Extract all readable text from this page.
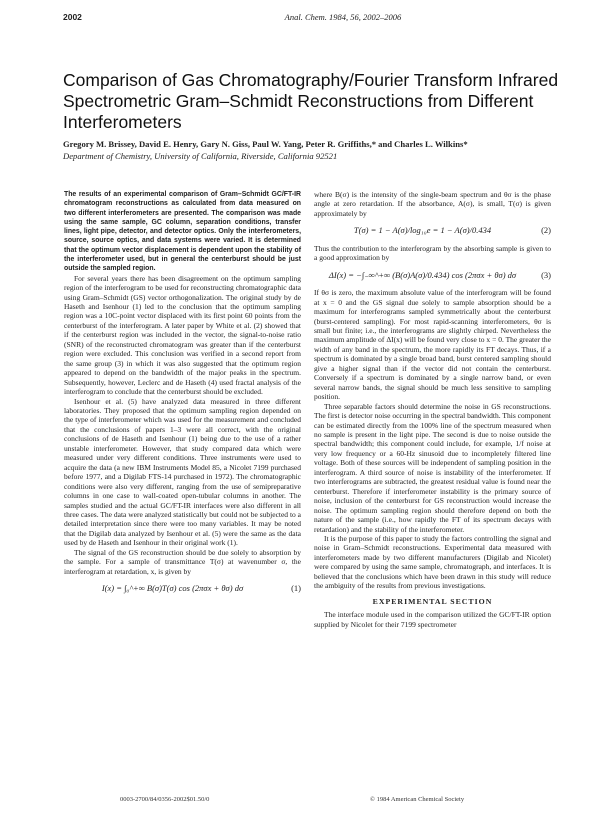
2002	Anal. Chem. 1984, 56, 2002–2006
Comparison of Gas Chromatography/Fourier Transform Infrared Spectrometric Gram–Schmidt Reconstructions from Different Interferometers

Gregory M. Brissey, David E. Henry, Gary N. Giss, Paul W. Yang, Peter R. Griffiths,* and Charles L. Wilkins*

Department of Chemistry, University of California, Riverside, California 92521

The results of an experimental comparison of Gram–Schmidt GC/FT-IR chromatogram reconstructions as calculated from data measured on two different interferometers are presented. The comparison was made using the same sample, GC column, separation conditions, transfer lines, light pipe, detector, and detector optics. Only the interferometers, source, source optics, and data systems were varied. It is determined that the optimum vector displacement is dependent upon the stability of the interferometer used, but in general the centerburst should be just outside the sampled region.

For several years there has been disagreement on the optimum sampling region of the interferogram to be used for reconstructing chromatographic data using Gram–Schmidt (GS) vector orthogonalization. The original study by de Haseth and Isenhour (1) led to the conclusion that the optimum sampling region was a 10C-point vector displaced with its first point 60 points from the centerburst of the interferogram. A later paper by White et al. (2) showed that if the centerburst region was included in the vector, the signal-to-noise ratio (SNR) of the reconstructed chromatogram was greater than if the centerburst region were excluded. This conclusion was verified in a second report from the same group (3) in which it was also suggested that the optimum region appeared to depend on the bandwidth of the major peaks in the spectrum. Subsequently, however, Leclerc and de Haseth (4) used fractal analysis of the interferogram to conclude that the centerburst should be excluded.

Isenhour et al. (5) have analyzed data measured in three different laboratories. They proposed that the optimum sampling region depended on the type of interferometer which was used for the measurement and concluded that the conclusions of papers 1–3 were all correct, with the original conclusions of de Haseth and Isenhour (1) being due to the use of a rather unstable interferometer. However, that study compared data which were measured under very different conditions. Three instruments were used to acquire the data (a new IBM Instruments Model 85, a Nicolet 7199 purchased before 1977, and a Digilab FTS-14 purchased in 1972). The chromatographic conditions were also very different, ranging from the use of semipreparative columns in one case to wall-coated open-tubular columns in another. The samples studied and the actual GC/FT-IR interfaces were also different in all three cases. The data were analyzed statistically but could not be subjected to a detailed interpretation since there were too many variables. It may be noted that the Digilab data analyzed by Isenhour et al. (5) were the same as the data used by de Haseth and Isenhour in their original work (1).

The signal of the GS reconstruction should be due solely to absorption by the sample. For a sample of transmittance T(σ) at wavenumber σ, the interferogram at retardation, x, is given by

I(x) = ∫₀^+∞ B(σ)T(σ) cos (2πσx + θσ) dσ	(1)

where B(σ) is the intensity of the single-beam spectrum and θσ is the phase angle at zero retardation. If the absorbance, A(σ), is small, T(σ) is given approximately by

T(σ) = 1 − A(σ)/log₁₀e = 1 − A(σ)/0.434	(2)

Thus the contribution to the interferogram by the absorbing sample is given to a good approximation by

ΔI(x) = −∫₋∞^+∞ (B(σ)A(σ)/0.434) cos (2πσx + θσ) dσ	(3)

If θσ is zero, the maximum absolute value of the interferogram will be found at x = 0 and the GS signal due solely to sample absorption should be a maximum for interferograms sampled symmetrically about the centerburst (burst-centered sampling). For most rapid-scanning interferometers, θσ is small but finite; i.e., the interferograms are slightly chirped. Nevertheless the maximum amplitude of ΔI(x) will be found very close to x = 0. The greater the width of any band in the spectrum, the more rapidly its FT decays. Thus, if a spectrum is dominated by a single broad band, burst centered sampling should give a higher signal than if the vector did not contain the centerburst. Conversely if a spectrum is dominated by a single narrow band, or even several narrow bands, the signal should be much less sensitive to sampling position.

Three separable factors should determine the noise in GS reconstructions. The first is detector noise occurring in the spectral bandwidth. This component can be estimated directly from the 100% line of the spectrum measured when no sample is present in the light pipe. The second is due to noise outside the spectral bandwidth; this component could include, for example, 1/f noise at very low frequency or a 60-Hz sinusoid due to incompletely filtered line voltage. Both of these sources will be independent of sampling position in the interferogram. A third source of noise is instability of the interferometer. If two interferograms are subtracted, the greatest residual value is found near the centerburst. Therefore if interferometer instability is the primary source of noise, inclusion of the centerburst for GS reconstruction would increase the noise. The optimum sampling region should therefore depend on both the nature of the sample (i.e., how rapidly the FT of its spectrum decays with retardation) and the stability of the interferometer.

It is the purpose of this paper to study the factors controlling the signal and noise in Gram–Schmidt reconstructions. Experimental data measured with interferometers made by two different manufacturers (Digilab and Nicolet) were compared by using the same sample, chromatograph, and interfaces. It is believed that the conclusions which have been drawn in this study will reduce the ambiguity of the results from previous investigations.

EXPERIMENTAL SECTION

The interface module used in the comparison utilized the GC/FT-IR option supplied by Nicolet for their 7199 spectrometer

0003-2700/84/0356-2002$01.50/0	© 1984 American Chemical Society
